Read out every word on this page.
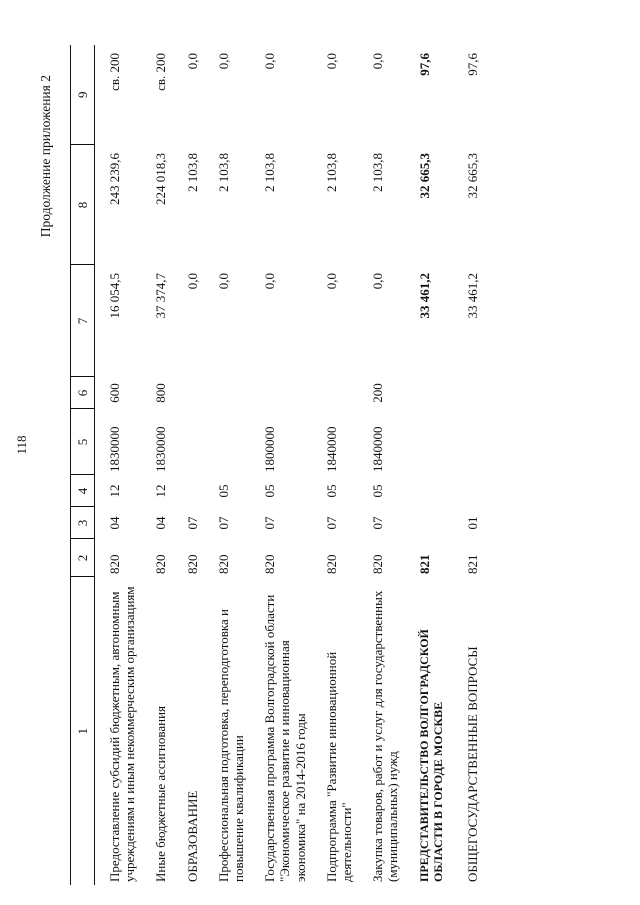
118
Продолжение приложения 2
1	2	3	4	5	6	7	8	9
Предоставление субсидий бюджетным, автономным учреждениям и иным некоммерческим организациям	820	04	12	1830000	600	16 054,5	243 239,6	св. 200
Иные бюджетные ассигнования	820	04	12	1830000	800	37 374,7	224 018,3	св. 200
ОБРАЗОВАНИЕ	820	07				0,0	2 103,8	0,0
Профессиональная подготовка, переподготовка и повышение квалификации	820	07	05			0,0	2 103,8	0,0
Государственная программа Волгоградской области "Экономическое развитие и инновационная экономика" на 2014-2016 годы	820	07	05	1800000		0,0	2 103,8	0,0
Подпрограмма "Развитие инновационной деятельности"	820	07	05	1840000		0,0	2 103,8	0,0
Закупка товаров, работ и услуг для государственных (муниципальных) нужд	820	07	05	1840000	200	0,0	2 103,8	0,0
ПРЕДСТАВИТЕЛЬСТВО ВОЛГОГРАДСКОЙ ОБЛАСТИ В ГОРОДЕ МОСКВЕ	821					33 461,2	32 665,3	97,6
ОБЩЕГОСУДАРСТВЕННЫЕ ВОПРОСЫ	821	01				33 461,2	32 665,3	97,6
